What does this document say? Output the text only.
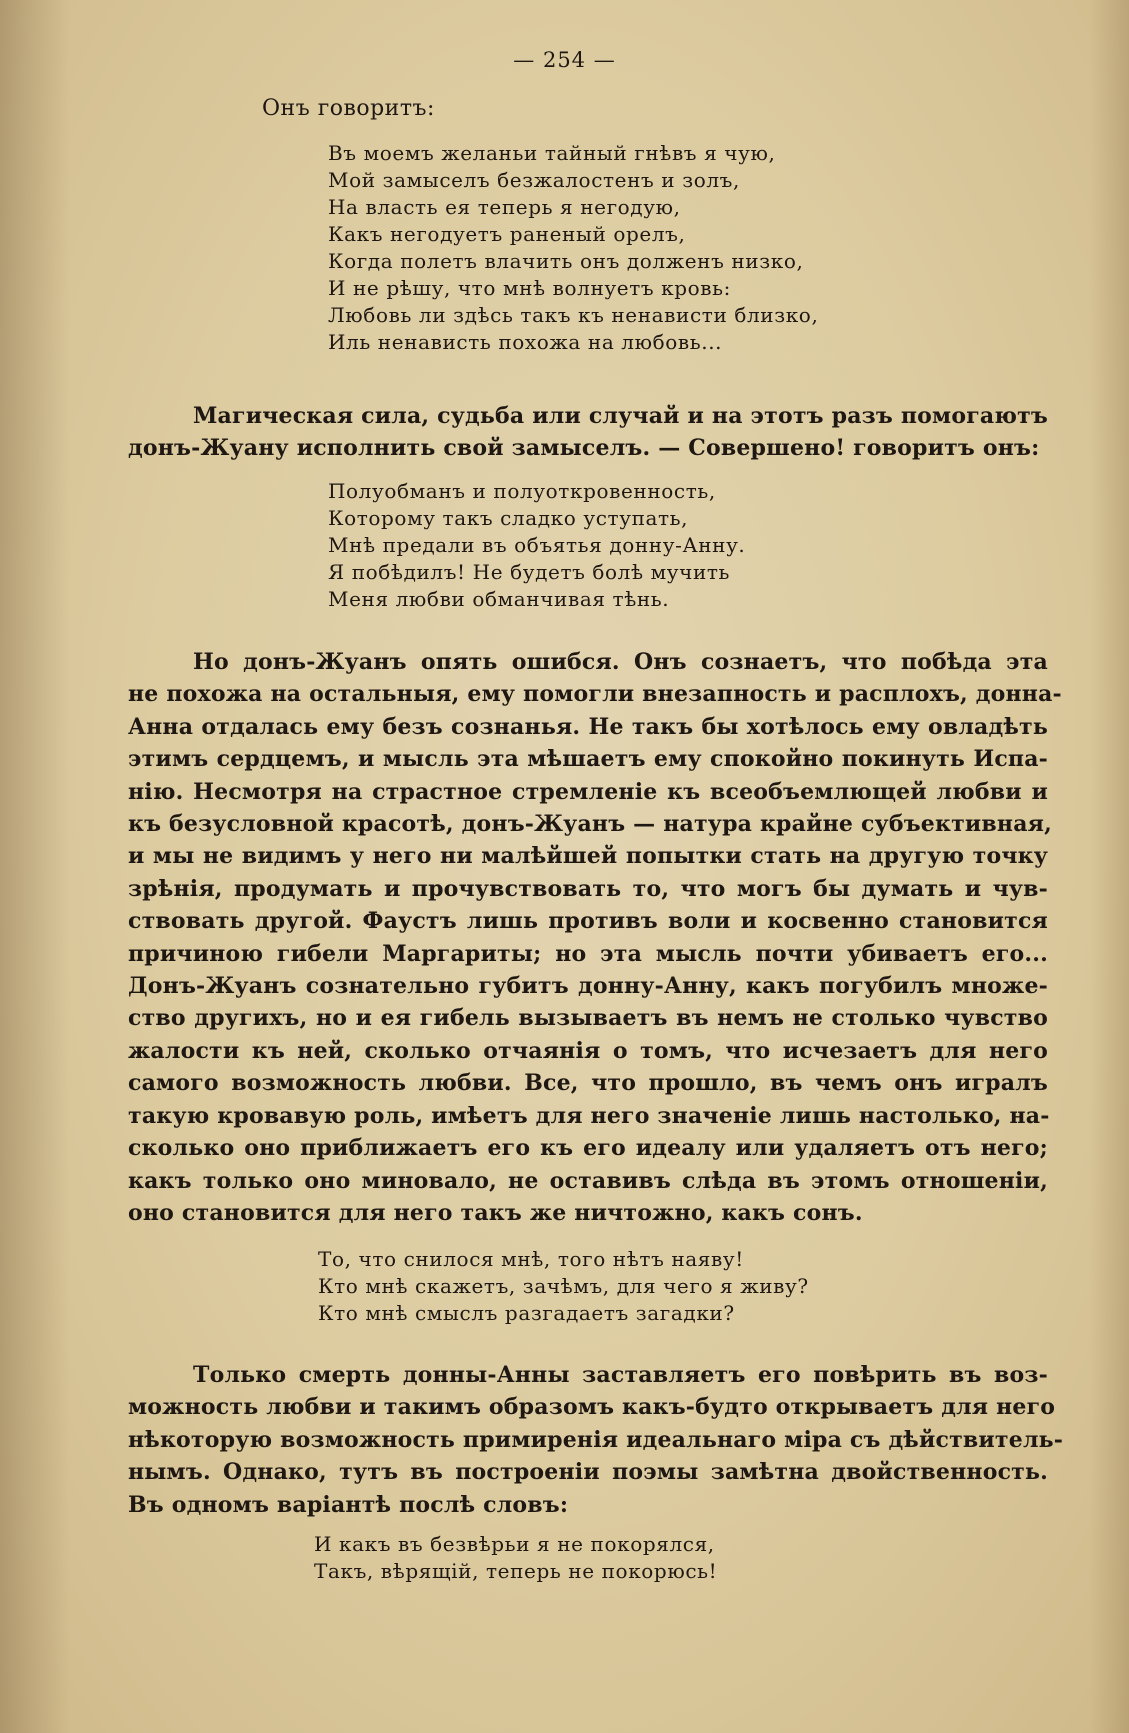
— 254 —
Онъ говоритъ:
Въ моемъ желаньи тайный гнѣвъ я чую,
Мой замыселъ безжалостенъ и золъ,
На власть ея теперь я негодую,
Какъ негодуетъ раненый орелъ,
Когда полетъ влачить онъ долженъ низко,
И не рѣшу, что мнѣ волнуетъ кровь:
Любовь ли здѣсь такъ къ ненависти близко,
Иль ненависть похожа на любовь...
Магическая сила, судьба или случай и на этотъ разъ помогаютъ
донъ-Жуану исполнить свой замыселъ. — Совершено! говоритъ онъ:
Полуобманъ и полуоткровенность,
Которому такъ сладко уступать,
Мнѣ предали въ объятья донну-Анну.
Я побѣдилъ! Не будетъ болѣ мучить
Меня любви обманчивая тѣнь.
Но донъ-Жуанъ опять ошибся. Онъ сознаетъ, что побѣда эта
не похожа на остальныя, ему помогли внезапность и расплохъ, донна-
Анна отдалась ему безъ сознанья. Не такъ бы хотѣлось ему овладѣть
этимъ сердцемъ, и мысль эта мѣшаетъ ему спокойно покинуть Испа-
нію. Несмотря на страстное стремленіе къ всеобъемлющей любви и
къ безусловной красотѣ, донъ-Жуанъ — натура крайне субъективная,
и мы не видимъ у него ни малѣйшей попытки стать на другую точку
зрѣнія, продумать и прочувствовать то, что могъ бы думать и чув-
ствовать другой. Фаустъ лишь противъ воли и косвенно становится
причиною гибели Маргариты; но эта мысль почти убиваетъ его...
Донъ-Жуанъ сознательно губитъ донну-Анну, какъ погубилъ множе-
ство другихъ, но и ея гибель вызываетъ въ немъ не столько чувство
жалости къ ней, сколько отчаянія о томъ, что исчезаетъ для него
самого возможность любви. Все, что прошло, въ чемъ онъ игралъ
такую кровавую роль, имѣетъ для него значеніе лишь настолько, на-
сколько оно приближаетъ его къ его идеалу или удаляетъ отъ него;
какъ только оно миновало, не оставивъ слѣда въ этомъ отношеніи,
оно становится для него такъ же ничтожно, какъ сонъ.
То, что снилося мнѣ, того нѣтъ наяву!
Кто мнѣ скажетъ, зачѣмъ, для чего я живу?
Кто мнѣ смыслъ разгадаетъ загадки?
Только смерть донны-Анны заставляетъ его повѣрить въ воз-
можность любви и такимъ образомъ какъ-будто открываетъ для него
нѣкоторую возможность примиренія идеальнаго міра съ дѣйствитель-
нымъ. Однако, тутъ въ построеніи поэмы замѣтна двойственность.
Въ одномъ варіантѣ послѣ словъ:
И какъ въ безвѣрьи я не покорялся,
Такъ, вѣрящій, теперь не покорюсь!
